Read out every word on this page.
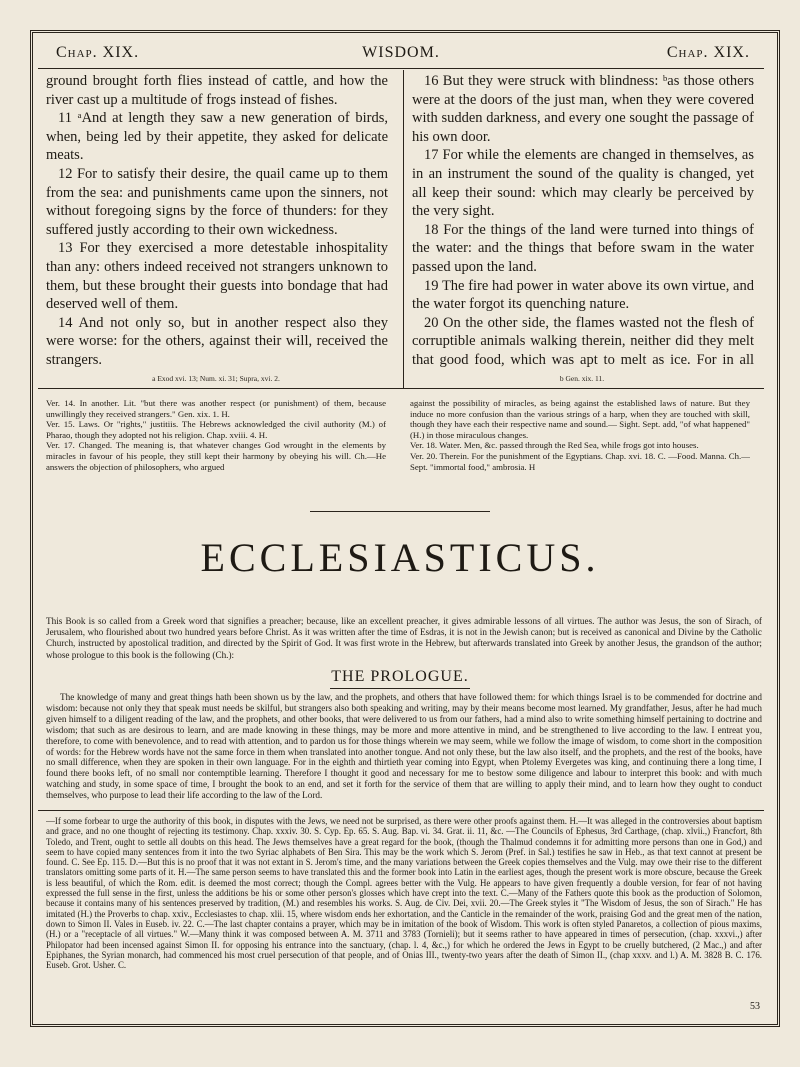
Chap. XIX.	WISDOM.	Chap. XIX.

ground brought forth flies instead of cattle, and how the river cast up a multitude of frogs instead of fishes.

11 ᵃAnd at length they saw a new generation of birds, when, being led by their appetite, they asked for delicate meats.

12 For to satisfy their desire, the quail came up to them from the sea: and punishments came upon the sinners, not without foregoing signs by the force of thunders: for they suffered justly according to their own wickedness.

13 For they exercised a more detestable inhospitality than any: others indeed received not strangers unknown to them, but these brought their guests into bondage that had deserved well of them.

14 And not only so, but in another respect also they were worse: for the others, against their will, received the strangers.

16 But they were struck with blindness: ᵇas those others were at the doors of the just man, when they were covered with sudden darkness, and every one sought the passage of his own door.

17 For while the elements are changed in themselves, as in an instrument the sound of the quality is changed, yet all keep their sound: which may clearly be perceived by the very sight.

18 For the things of the land were turned into things of the water: and the things that before swam in the water passed upon the land.

19 The fire had power in water above its own virtue, and the water forgot its quenching nature.

20 On the other side, the flames wasted not the flesh of corruptible animals walking therein, neither did they melt that good food, which was apt to melt as ice. For in all

a Exod xvi. 13; Num. xi. 31; Supra, xvi. 2.	b Gen. xix. 11.

Ver. 14. In another. Lit. "but there was another respect (or punishment) of them, because unwillingly they received strangers." Gen. xix. 1. H.

Ver. 15. Laws. Or "rights," justitiis. The Hebrews acknowledged the civil authority (M.) of Pharao, though they adopted not his religion. Chap. xviii. 4. H.

Ver. 17. Changed. The meaning is, that whatever changes God wrought in the elements by miracles in favour of his people, they still kept their harmony by obeying his will. Ch.—He answers the objection of philosophers, who argued

against the possibility of miracles, as being against the established laws of nature. But they induce no more confusion than the various strings of a harp, when they are touched with skill, though they have each their respective name and sound.— Sight. Sept. add, "of what happened" (H.) in those miraculous changes.

Ver. 18. Water. Men, &c. passed through the Red Sea, while frogs got into houses.

Ver. 20. Therein. For the punishment of the Egyptians. Chap. xvi. 18. C. —Food. Manna. Ch.—Sept. "immortal food," ambrosia. H

ECCLESIASTICUS.
This Book is so called from a Greek word that signifies a preacher; because, like an excellent preacher, it gives admirable lessons of all virtues. The author was Jesus, the son of Sirach, of Jerusalem, who flourished about two hundred years before Christ. As it was written after the time of Esdras, it is not in the Jewish canon; but is received as canonical and Divine by the Catholic Church, instructed by apostolical tradition, and directed by the Spirit of God. It was first wrote in the Hebrew, but afterwards translated into Greek by another Jesus, the grandson of the author; whose prologue to this book is the following (Ch.):
THE PROLOGUE.

The knowledge of many and great things hath been shown us by the law, and the prophets, and others that have followed them: for which things Israel is to be commended for doctrine and wisdom: because not only they that speak must needs be skilful, but strangers also both speaking and writing, may by their means become most learned. My grandfather, Jesus, after he had much given himself to a diligent reading of the law, and the prophets, and other books, that were delivered to us from our fathers, had a mind also to write something himself pertaining to doctrine and wisdom; that such as are desirous to learn, and are made knowing in these things, may be more and more attentive in mind, and be strengthened to live according to the law. I entreat you, therefore, to come with benevolence, and to read with attention, and to pardon us for those things wherein we may seem, while we follow the image of wisdom, to come short in the composition of words: for the Hebrew words have not the same force in them when translated into another tongue. And not only these, but the law also itself, and the prophets, and the rest of the books, have no small difference, when they are spoken in their own language. For in the eighth and thirtieth year coming into Egypt, when Ptolemy Evergetes was king, and continuing there a long time, I found there books left, of no small nor contemptible learning. Therefore I thought it good and necessary for me to bestow some diligence and labour to interpret this book: and with much watching and study, in some space of time, I brought the book to an end, and set it forth for the service of them that are willing to apply their mind, and to learn how they ought to conduct themselves, who purpose to lead their life according to the law of the Lord.

—If some forbear to urge the authority of this book, in disputes with the Jews, we need not be surprised, as there were other proofs against them. H.—It was alleged in the controversies about baptism and grace, and no one thought of rejecting its testimony. Chap. xxxiv. 30. S. Cyp. Ep. 65. S. Aug. Bap. vi. 34. Grat. ii. 11, &c. —The Councils of Ephesus, 3rd Carthage, (chap. xlvii.,) Francfort, 8th Toledo, and Trent, ought to settle all doubts on this head. The Jews themselves have a great regard for the book, (though the Thalmud condemns it for admitting more persons than one in God,) and seem to have copied many sentences from it into the two Syriac alphabets of Ben Sira. This may be the work which S. Jerom (Pref. in Sal.) testifies he saw in Heb., as that text cannot at present be found. C. See Ep. 115. D.—But this is no proof that it was not extant in S. Jerom's time, and the many variations between the Greek copies themselves and the Vulg. may owe their rise to the different translators omitting some parts of it. H.—The same person seems to have translated this and the former book into Latin in the earliest ages, though the present work is more obscure, because the Greek is less beautiful, of which the Rom. edit. is deemed the most correct; though the Compl. agrees better with the Vulg. He appears to have given frequently a double version, for fear of not having expressed the full sense in the first, unless the additions be his or some other person's glosses which have crept into the text. C.—Many of the Fathers quote this book as the production of Solomon, because it contains many of his sentences preserved by tradition, (M.) and resembles his works. S. Aug. de Civ. Dei, xvii. 20.—The Greek styles it "The Wisdom of Jesus, the son of Sirach." He has imitated (H.) the Proverbs to chap. xxiv., Ecclesiastes to chap. xlii. 15, where wisdom ends her exhortation, and the Canticle in the remainder of the work, praising God and the great men of the nation, down to Simon II. Vales in Euseb. iv. 22. C.—The last chapter contains a prayer, which may be in imitation of the book of Wisdom. This work is often styled Panaretos, a collection of pious maxims, (H.) or a "receptacle of all virtues." W.—Many think it was composed between A. M. 3711 and 3783 (Tornieli); but it seems rather to have appeared in times of persecution, (chap. xxxvi.,) after Philopator had been incensed against Simon II. for opposing his entrance into the sanctuary, (chap. l. 4, &c.,) for which he ordered the Jews in Egypt to be cruelly butchered, (2 Mac.,) and after Epiphanes, the Syrian monarch, had commenced his most cruel persecution of that people, and of Onias III., twenty-two years after the death of Simon II., (chap xxxv. and l.) A. M. 3828 B. C. 176. Euseb. Grot. Usher. C.
53
